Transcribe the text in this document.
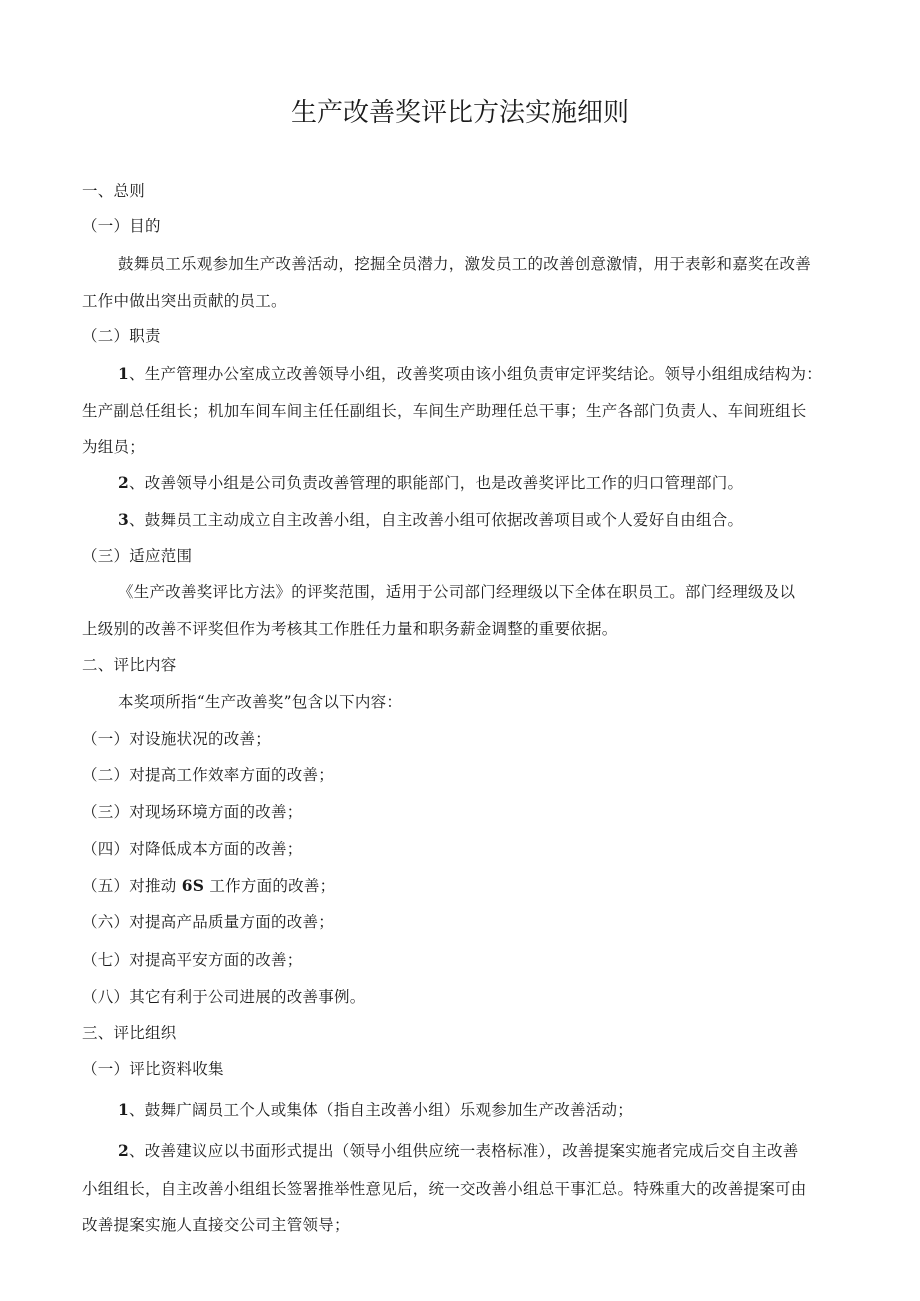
生产改善奖评比方法实施细则
一、总则
（一）目的
鼓舞员工乐观参加生产改善活动，挖掘全员潜力，激发员工的改善创意激情，用于表彰和嘉奖在改善
工作中做出突出贡献的员工。
（二）职责
1、生产管理办公室成立改善领导小组，改善奖项由该小组负责审定评奖结论。领导小组组成结构为：
生产副总任组长；机加车间车间主任任副组长，车间生产助理任总干事；生产各部门负责人、车间班组长
为组员；
2、改善领导小组是公司负责改善管理的职能部门，也是改善奖评比工作的归口管理部门。
3、鼓舞员工主动成立自主改善小组，自主改善小组可依据改善项目或个人爱好自由组合。
（三）适应范围
《生产改善奖评比方法》的评奖范围，适用于公司部门经理级以下全体在职员工。部门经理级及以
上级别的改善不评奖但作为考核其工作胜任力量和职务薪金调整的重要依据。
二、评比内容
本奖项所指“生产改善奖”包含以下内容：
（一）对设施状况的改善；
（二）对提高工作效率方面的改善；
（三）对现场环境方面的改善；
（四）对降低成本方面的改善；
（五）对推动 6S 工作方面的改善；
（六）对提高产品质量方面的改善；
（七）对提高平安方面的改善；
（八）其它有利于公司进展的改善事例。
三、评比组织
（一）评比资料收集
1、鼓舞广阔员工个人或集体（指自主改善小组）乐观参加生产改善活动；
2、改善建议应以书面形式提出（领导小组供应统一表格标准），改善提案实施者完成后交自主改善
小组组长，自主改善小组组长签署推举性意见后，统一交改善小组总干事汇总。特殊重大的改善提案可由
改善提案实施人直接交公司主管领导；
